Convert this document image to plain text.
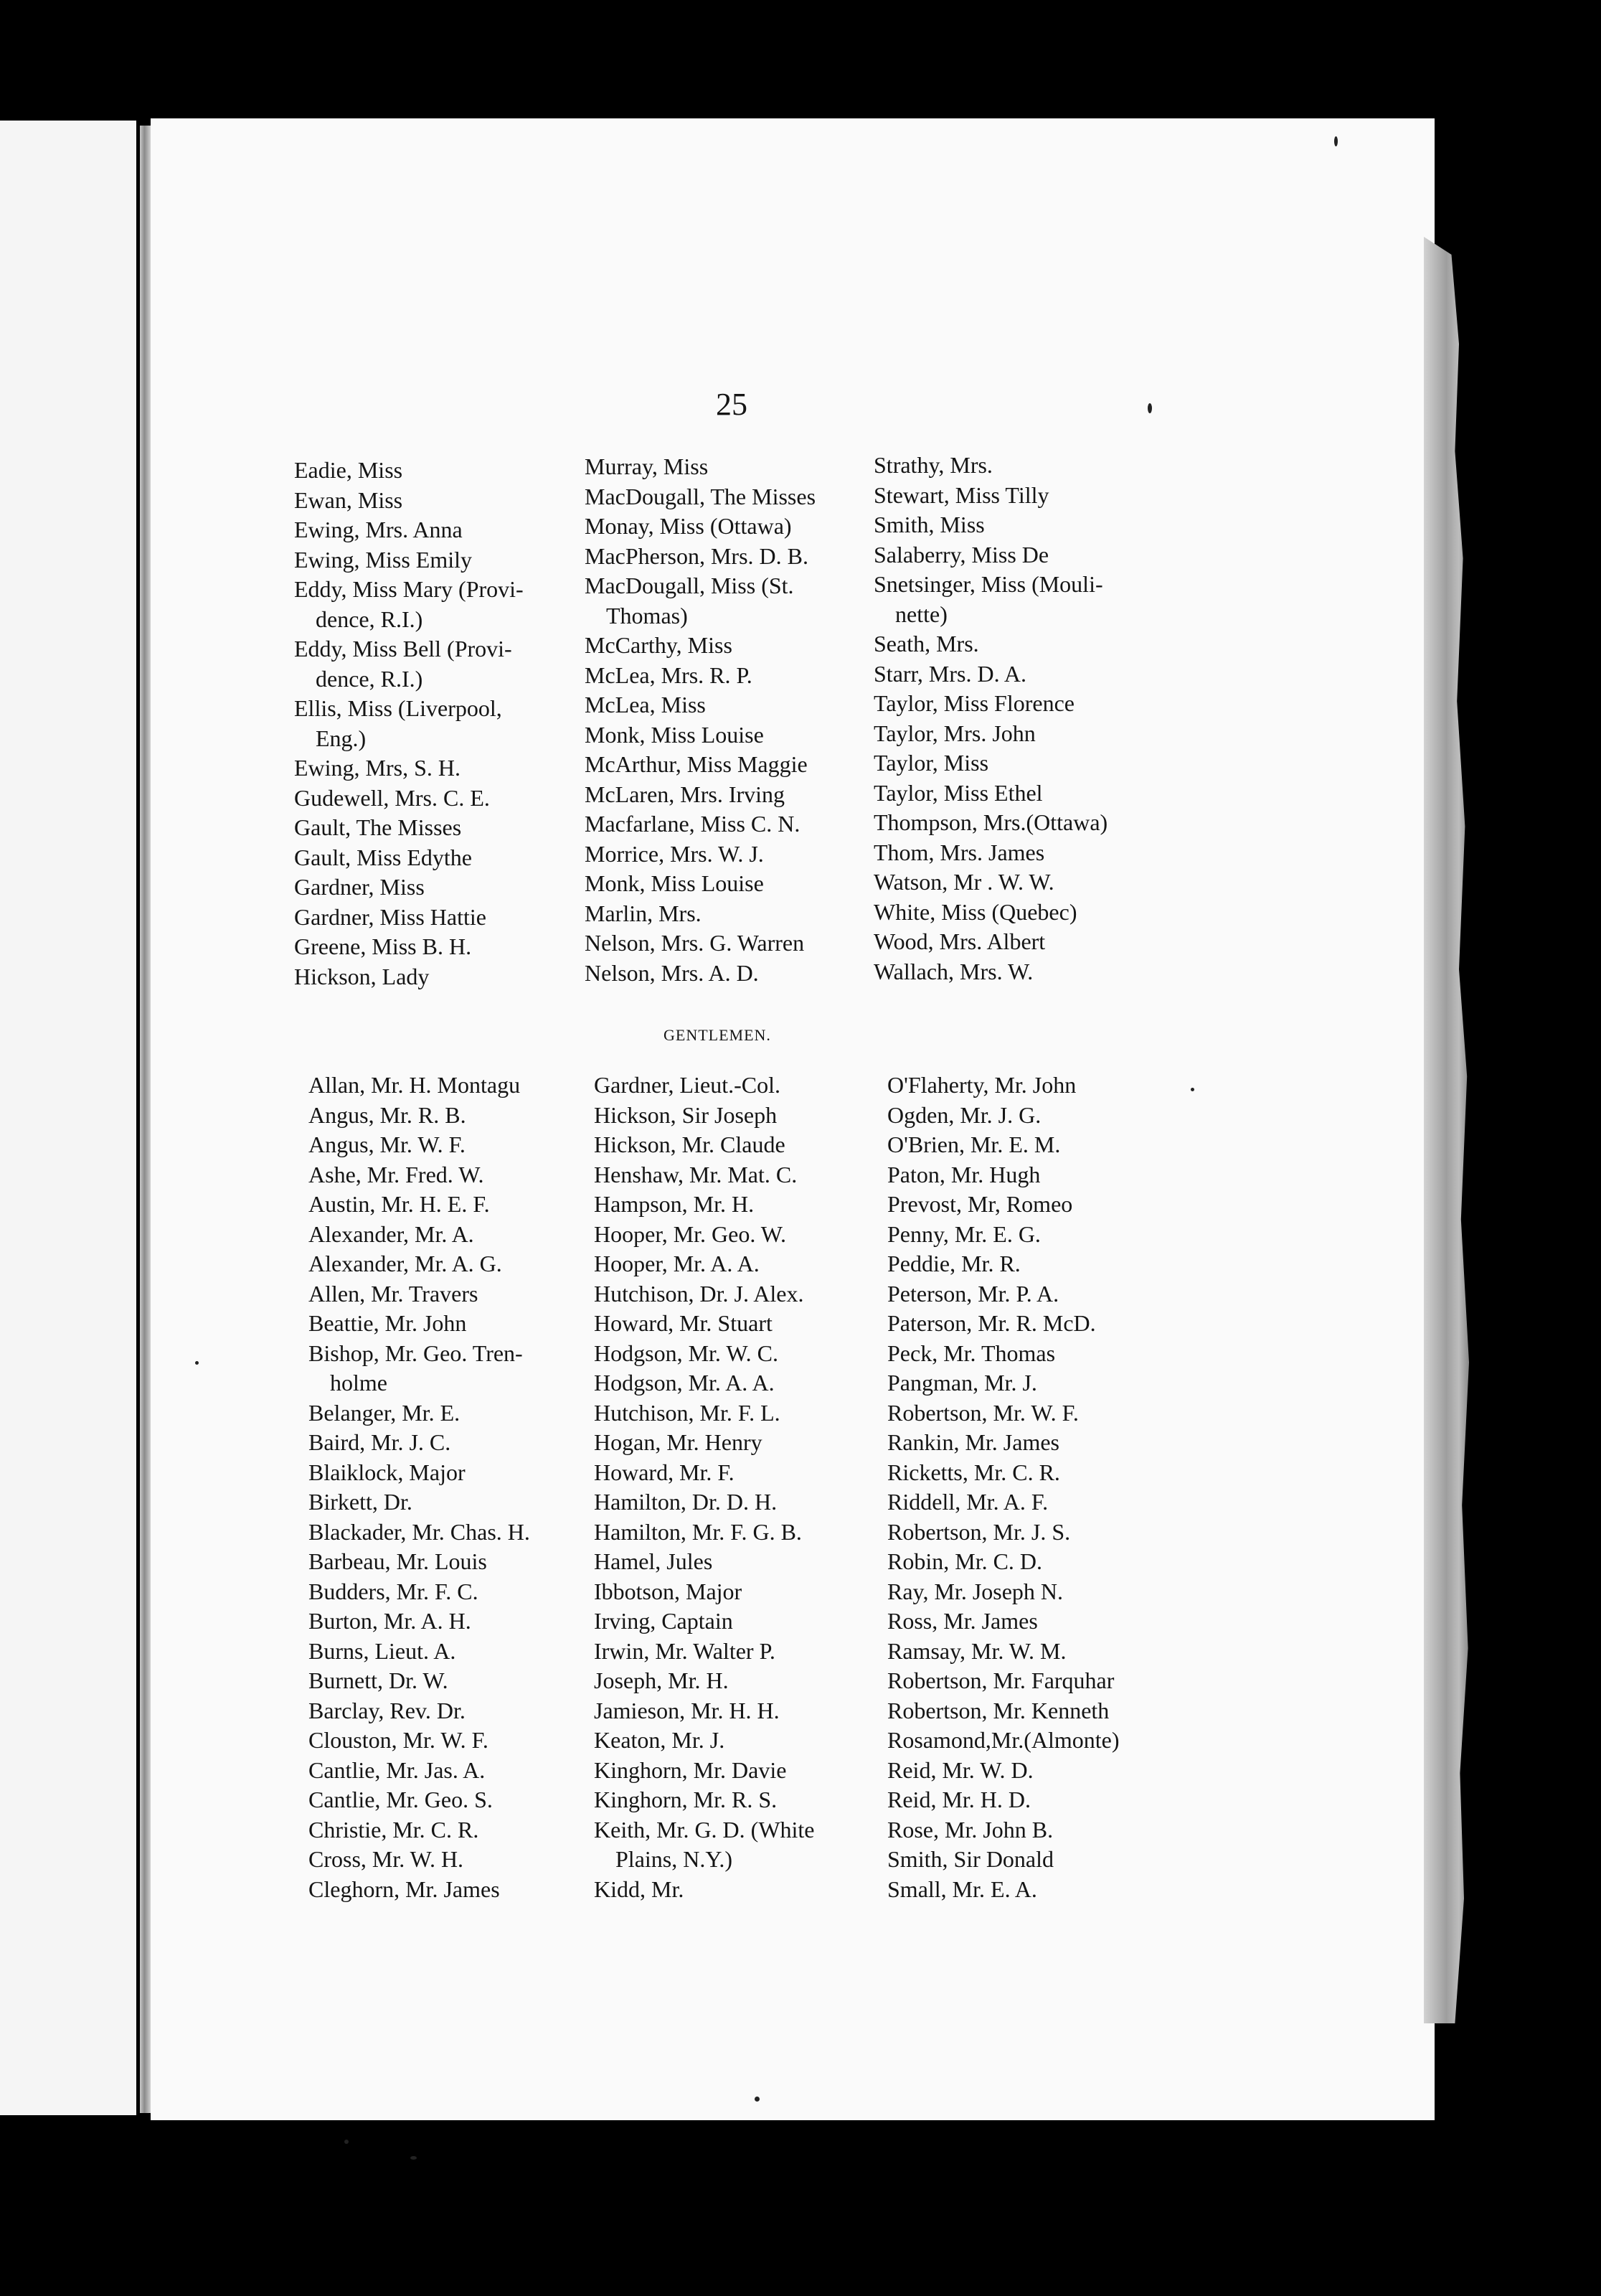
25
Eadie, Miss
Ewan, Miss
Ewing, Mrs. Anna
Ewing, Miss Emily
Eddy, Miss Mary (Provi-
dence, R.I.)
Eddy, Miss Bell (Provi-
dence, R.I.)
Ellis, Miss (Liverpool,
Eng.)
Ewing, Mrs, S. H.
Gudewell, Mrs. C. E.
Gault, The Misses
Gault, Miss Edythe
Gardner, Miss
Gardner, Miss Hattie
Greene, Miss B. H.
Hickson, Lady
Murray, Miss
MacDougall, The Misses
Monay, Miss (Ottawa)
MacPherson, Mrs. D. B.
MacDougall, Miss (St.
Thomas)
McCarthy, Miss
McLea, Mrs. R. P.
McLea, Miss
Monk, Miss Louise
McArthur, Miss Maggie
McLaren, Mrs. Irving
Macfarlane, Miss C. N.
Morrice, Mrs. W. J.
Monk, Miss Louise
Marlin, Mrs.
Nelson, Mrs. G. Warren
Nelson, Mrs. A. D.
Strathy, Mrs.
Stewart, Miss Tilly
Smith, Miss
Salaberry, Miss De
Snetsinger, Miss (Mouli-
nette)
Seath, Mrs.
Starr, Mrs. D. A.
Taylor, Miss Florence
Taylor, Mrs. John
Taylor, Miss
Taylor, Miss Ethel
Thompson, Mrs.(Ottawa)
Thom, Mrs. James
Watson, Mr . W. W.
White, Miss (Quebec)
Wood, Mrs. Albert
Wallach, Mrs. W.
GENTLEMEN.
Allan, Mr. H. Montagu
Angus, Mr. R. B.
Angus, Mr. W. F.
Ashe, Mr. Fred. W.
Austin, Mr. H. E. F.
Alexander, Mr. A.
Alexander, Mr. A. G.
Allen, Mr. Travers
Beattie, Mr. John
Bishop, Mr. Geo. Tren-
holme
Belanger, Mr. E.
Baird, Mr. J. C.
Blaiklock, Major
Birkett, Dr.
Blackader, Mr. Chas. H.
Barbeau, Mr. Louis
Budders, Mr. F. C.
Burton, Mr. A. H.
Burns, Lieut. A.
Burnett, Dr. W.
Barclay, Rev. Dr.
Clouston, Mr. W. F.
Cantlie, Mr. Jas. A.
Cantlie, Mr. Geo. S.
Christie, Mr. C. R.
Cross, Mr. W. H.
Cleghorn, Mr. James
Gardner, Lieut.-Col.
Hickson, Sir Joseph
Hickson, Mr. Claude
Henshaw, Mr. Mat. C.
Hampson, Mr. H.
Hooper, Mr. Geo. W.
Hooper, Mr. A. A.
Hutchison, Dr. J. Alex.
Howard, Mr. Stuart
Hodgson, Mr. W. C.
Hodgson, Mr. A. A.
Hutchison, Mr. F. L.
Hogan, Mr. Henry
Howard, Mr. F.
Hamilton, Dr. D. H.
Hamilton, Mr. F. G. B.
Hamel, Jules
Ibbotson, Major
Irving, Captain
Irwin, Mr. Walter P.
Joseph, Mr. H.
Jamieson, Mr. H. H.
Keaton, Mr. J.
Kinghorn, Mr. Davie
Kinghorn, Mr. R. S.
Keith, Mr. G. D. (White
Plains, N.Y.)
Kidd, Mr.
O'Flaherty, Mr. John
Ogden, Mr. J. G.
O'Brien, Mr. E. M.
Paton, Mr. Hugh
Prevost, Mr, Romeo
Penny, Mr. E. G.
Peddie, Mr. R.
Peterson, Mr. P. A.
Paterson, Mr. R. McD.
Peck, Mr. Thomas
Pangman, Mr. J.
Robertson, Mr. W. F.
Rankin, Mr. James
Ricketts, Mr. C. R.
Riddell, Mr. A. F.
Robertson, Mr. J. S.
Robin, Mr. C. D.
Ray, Mr. Joseph N.
Ross, Mr. James
Ramsay, Mr. W. M.
Robertson, Mr. Farquhar
Robertson, Mr. Kenneth
Rosamond,Mr.(Almonte)
Reid, Mr. W. D.
Reid, Mr. H. D.
Rose, Mr. John B.
Smith, Sir Donald
Small, Mr. E. A.
